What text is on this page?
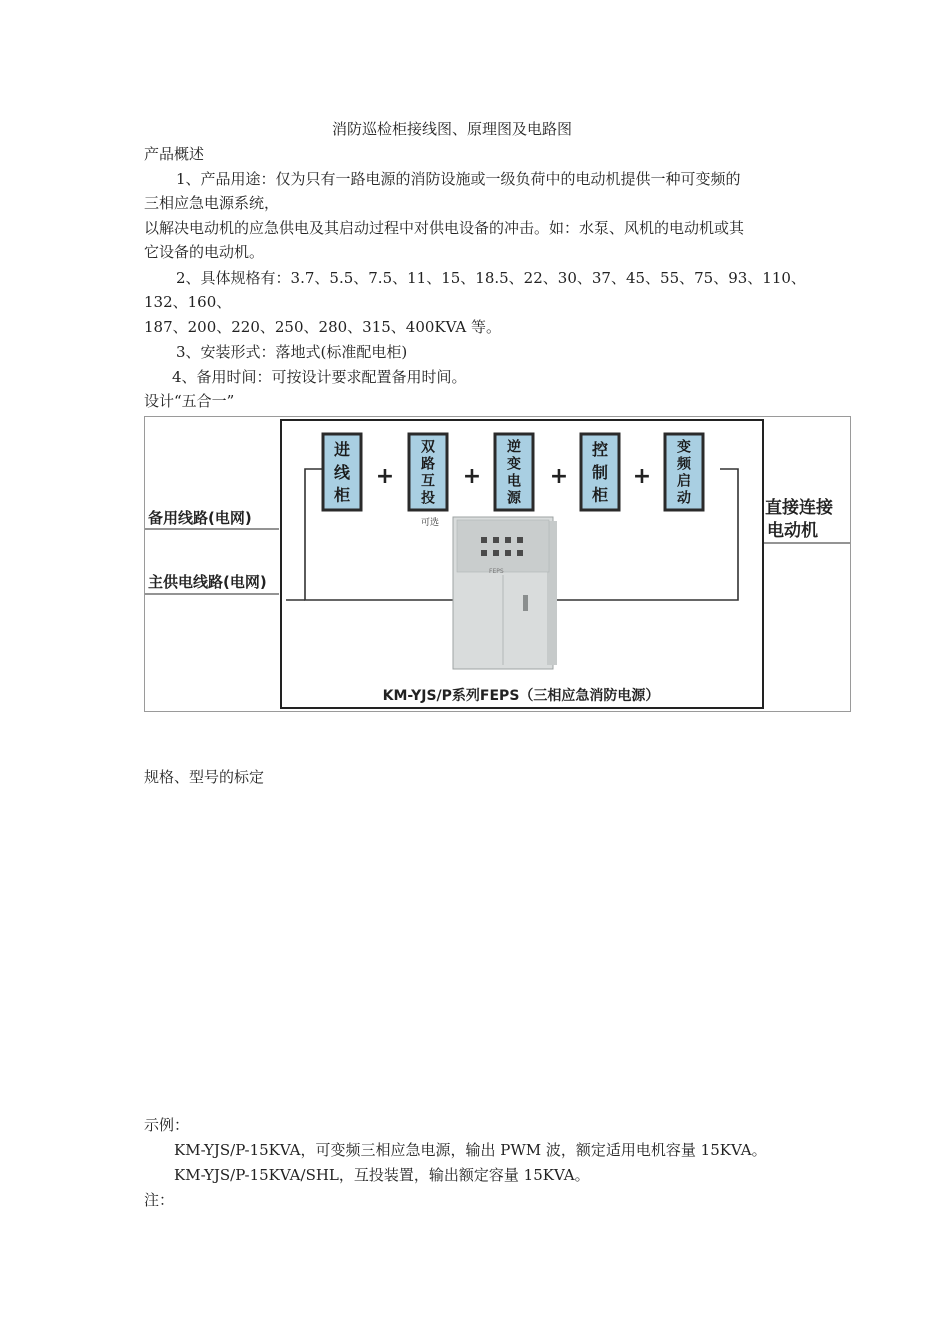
消防巡检柜接线图、原理图及电路图
产品概述
1、产品用途：仅为只有一路电源的消防设施或一级负荷中的电动机提供一种可变频的
三相应急电源系统，
以解决电动机的应急供电及其启动过程中对供电设备的冲击。如：水泵、风机的电动机或其
它设备的电动机。
2、具体规格有：3.7、5.5、7.5、11、15、18.5、22、30、37、45、55、75、93、110、
132、160、
187、200、220、250、280、315、400KVA 等。
3、安装形式：落地式(标准配电柜)
4、备用时间：可按设计要求配置备用时间。
设计“五合一”
FEPS
+	+	+	+
进
线
柜
双
路
互
投
逆
变
电
源
控
制
柜
变
频
启
动
可选
备用线路(电网)
主供电线路(电网)
直接连接
电动机
KM-YJS/P系列FEPS（三相应急消防电源）
规格、型号的标定
示例：
KM-YJS/P-15KVA，可变频三相应急电源，输出 PWM 波，额定适用电机容量 15KVA。
KM-YJS/P-15KVA/SHL，互投装置，输出额定容量 15KVA。
注：
